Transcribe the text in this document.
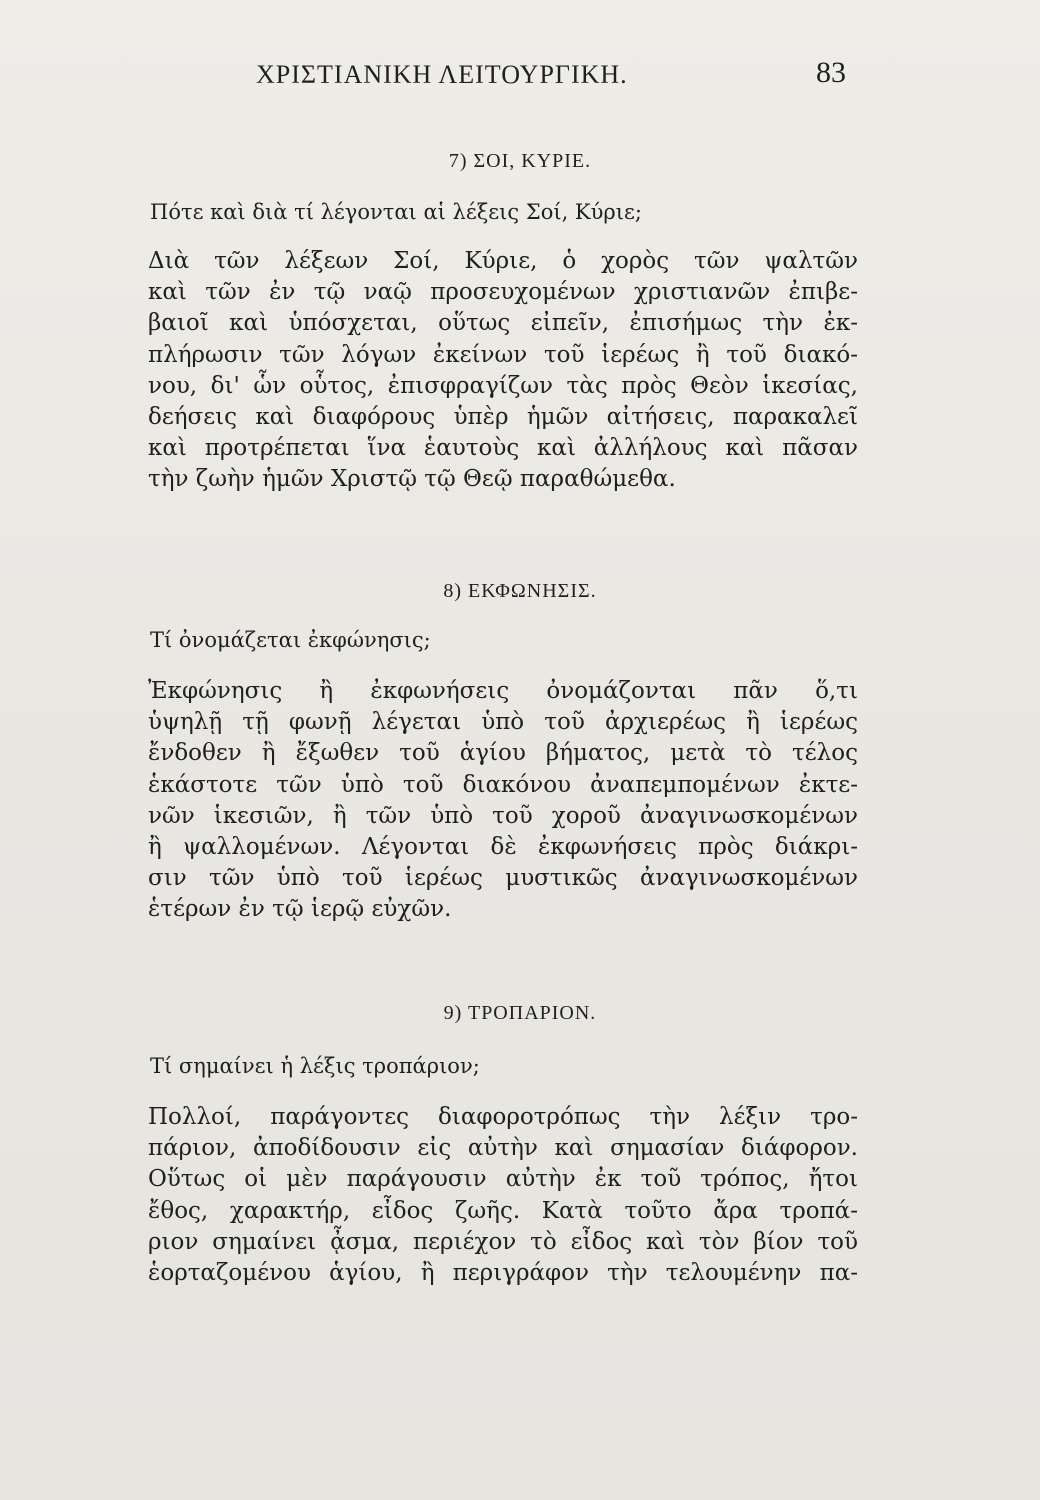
ΧΡΙΣΤΙΑΝΙΚΗ ΛΕΙΤΟΥΡΓΙΚΗ.	83
7) ΣΟΙ, ΚΥΡΙΕ.
Πότε καὶ διὰ τί λέγονται αἱ λέξεις Σοί, Κύριε;
Διὰ τῶν λέξεων Σοί, Κύριε, ὁ χορὸς τῶν ψαλτῶν
καὶ τῶν ἐν τῷ ναῷ προσευχομένων χριστιανῶν ἐπιβε-
βαιοῖ καὶ ὑπόσχεται, οὕτως εἰπεῖν, ἐπισήμως τὴν ἐκ-
πλήρωσιν τῶν λόγων ἐκείνων τοῦ ἱερέως ἢ τοῦ διακό-
νου, δι' ὧν οὗτος, ἐπισφραγίζων τὰς πρὸς Θεὸν ἱκεσίας,
δεήσεις καὶ διαφόρους ὑπὲρ ἡμῶν αἰτήσεις, παρακαλεῖ
καὶ προτρέπεται ἵνα ἑαυτοὺς καὶ ἀλλήλους καὶ πᾶσαν
τὴν ζωὴν ἡμῶν Χριστῷ τῷ Θεῷ παραθώμεθα.
8) ΕΚΦΩΝΗΣΙΣ.
Τί ὀνομάζεται ἐκφώνησις;
Ἐκφώνησις ἢ ἐκφωνήσεις ὀνομάζονται πᾶν ὅ,τι
ὑψηλῇ τῇ φωνῇ λέγεται ὑπὸ τοῦ ἀρχιερέως ἢ ἱερέως
ἔνδοθεν ἢ ἔξωθεν τοῦ ἁγίου βήματος, μετὰ τὸ τέλος
ἑκάστοτε τῶν ὑπὸ τοῦ διακόνου ἀναπεμπομένων ἐκτε-
νῶν ἱκεσιῶν, ἢ τῶν ὑπὸ τοῦ χοροῦ ἀναγινωσκομένων
ἢ ψαλλομένων. Λέγονται δὲ ἐκφωνήσεις πρὸς διάκρι-
σιν τῶν ὑπὸ τοῦ ἱερέως μυστικῶς ἀναγινωσκομένων
ἑτέρων ἐν τῷ ἱερῷ εὐχῶν.
9) ΤΡΟΠΑΡΙΟΝ.
Τί σημαίνει ἡ λέξις τροπάριον;
Πολλοί, παράγοντες διαφοροτρόπως τὴν λέξιν τρο-
πάριον, ἀποδίδουσιν εἰς αὐτὴν καὶ σημασίαν διάφορον.
Οὕτως οἱ μὲν παράγουσιν αὐτὴν ἐκ τοῦ τρόπος, ἤτοι
ἔθος, χαρακτήρ, εἶδος ζωῆς. Κατὰ τοῦτο ἄρα τροπά-
ριον σημαίνει ᾆσμα, περιέχον τὸ εἶδος καὶ τὸν βίον τοῦ
ἑορταζομένου ἁγίου, ἢ περιγράφον τὴν τελουμένην πα-
